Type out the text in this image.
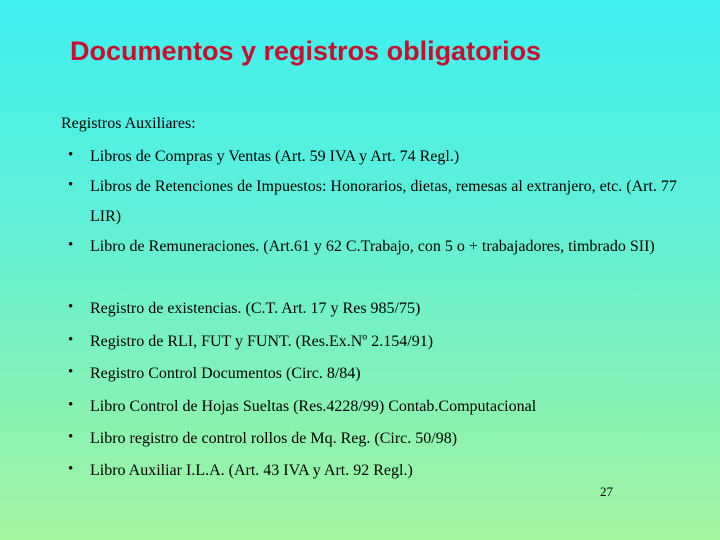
Documentos y registros obligatorios
Registros Auxiliares:
• Libros de Compras y Ventas (Art. 59 IVA y Art. 74 Regl.)
• Libros de Retenciones de Impuestos: Honorarios, dietas, remesas al extranjero, etc. (Art. 77 LIR)
• Libro de Remuneraciones. (Art.61 y 62 C.Trabajo, con 5 o + trabajadores, timbrado SII)
• Registro de existencias. (C.T. Art. 17 y Res 985/75)
• Registro de RLI, FUT y FUNT. (Res.Ex.Nº 2.154/91)
• Registro Control Documentos (Circ. 8/84)
• Libro Control de Hojas Sueltas (Res.4228/99) Contab.Computacional
• Libro registro de control rollos de Mq. Reg. (Circ. 50/98)
• Libro Auxiliar I.L.A. (Art. 43 IVA y Art. 92 Regl.)
27
